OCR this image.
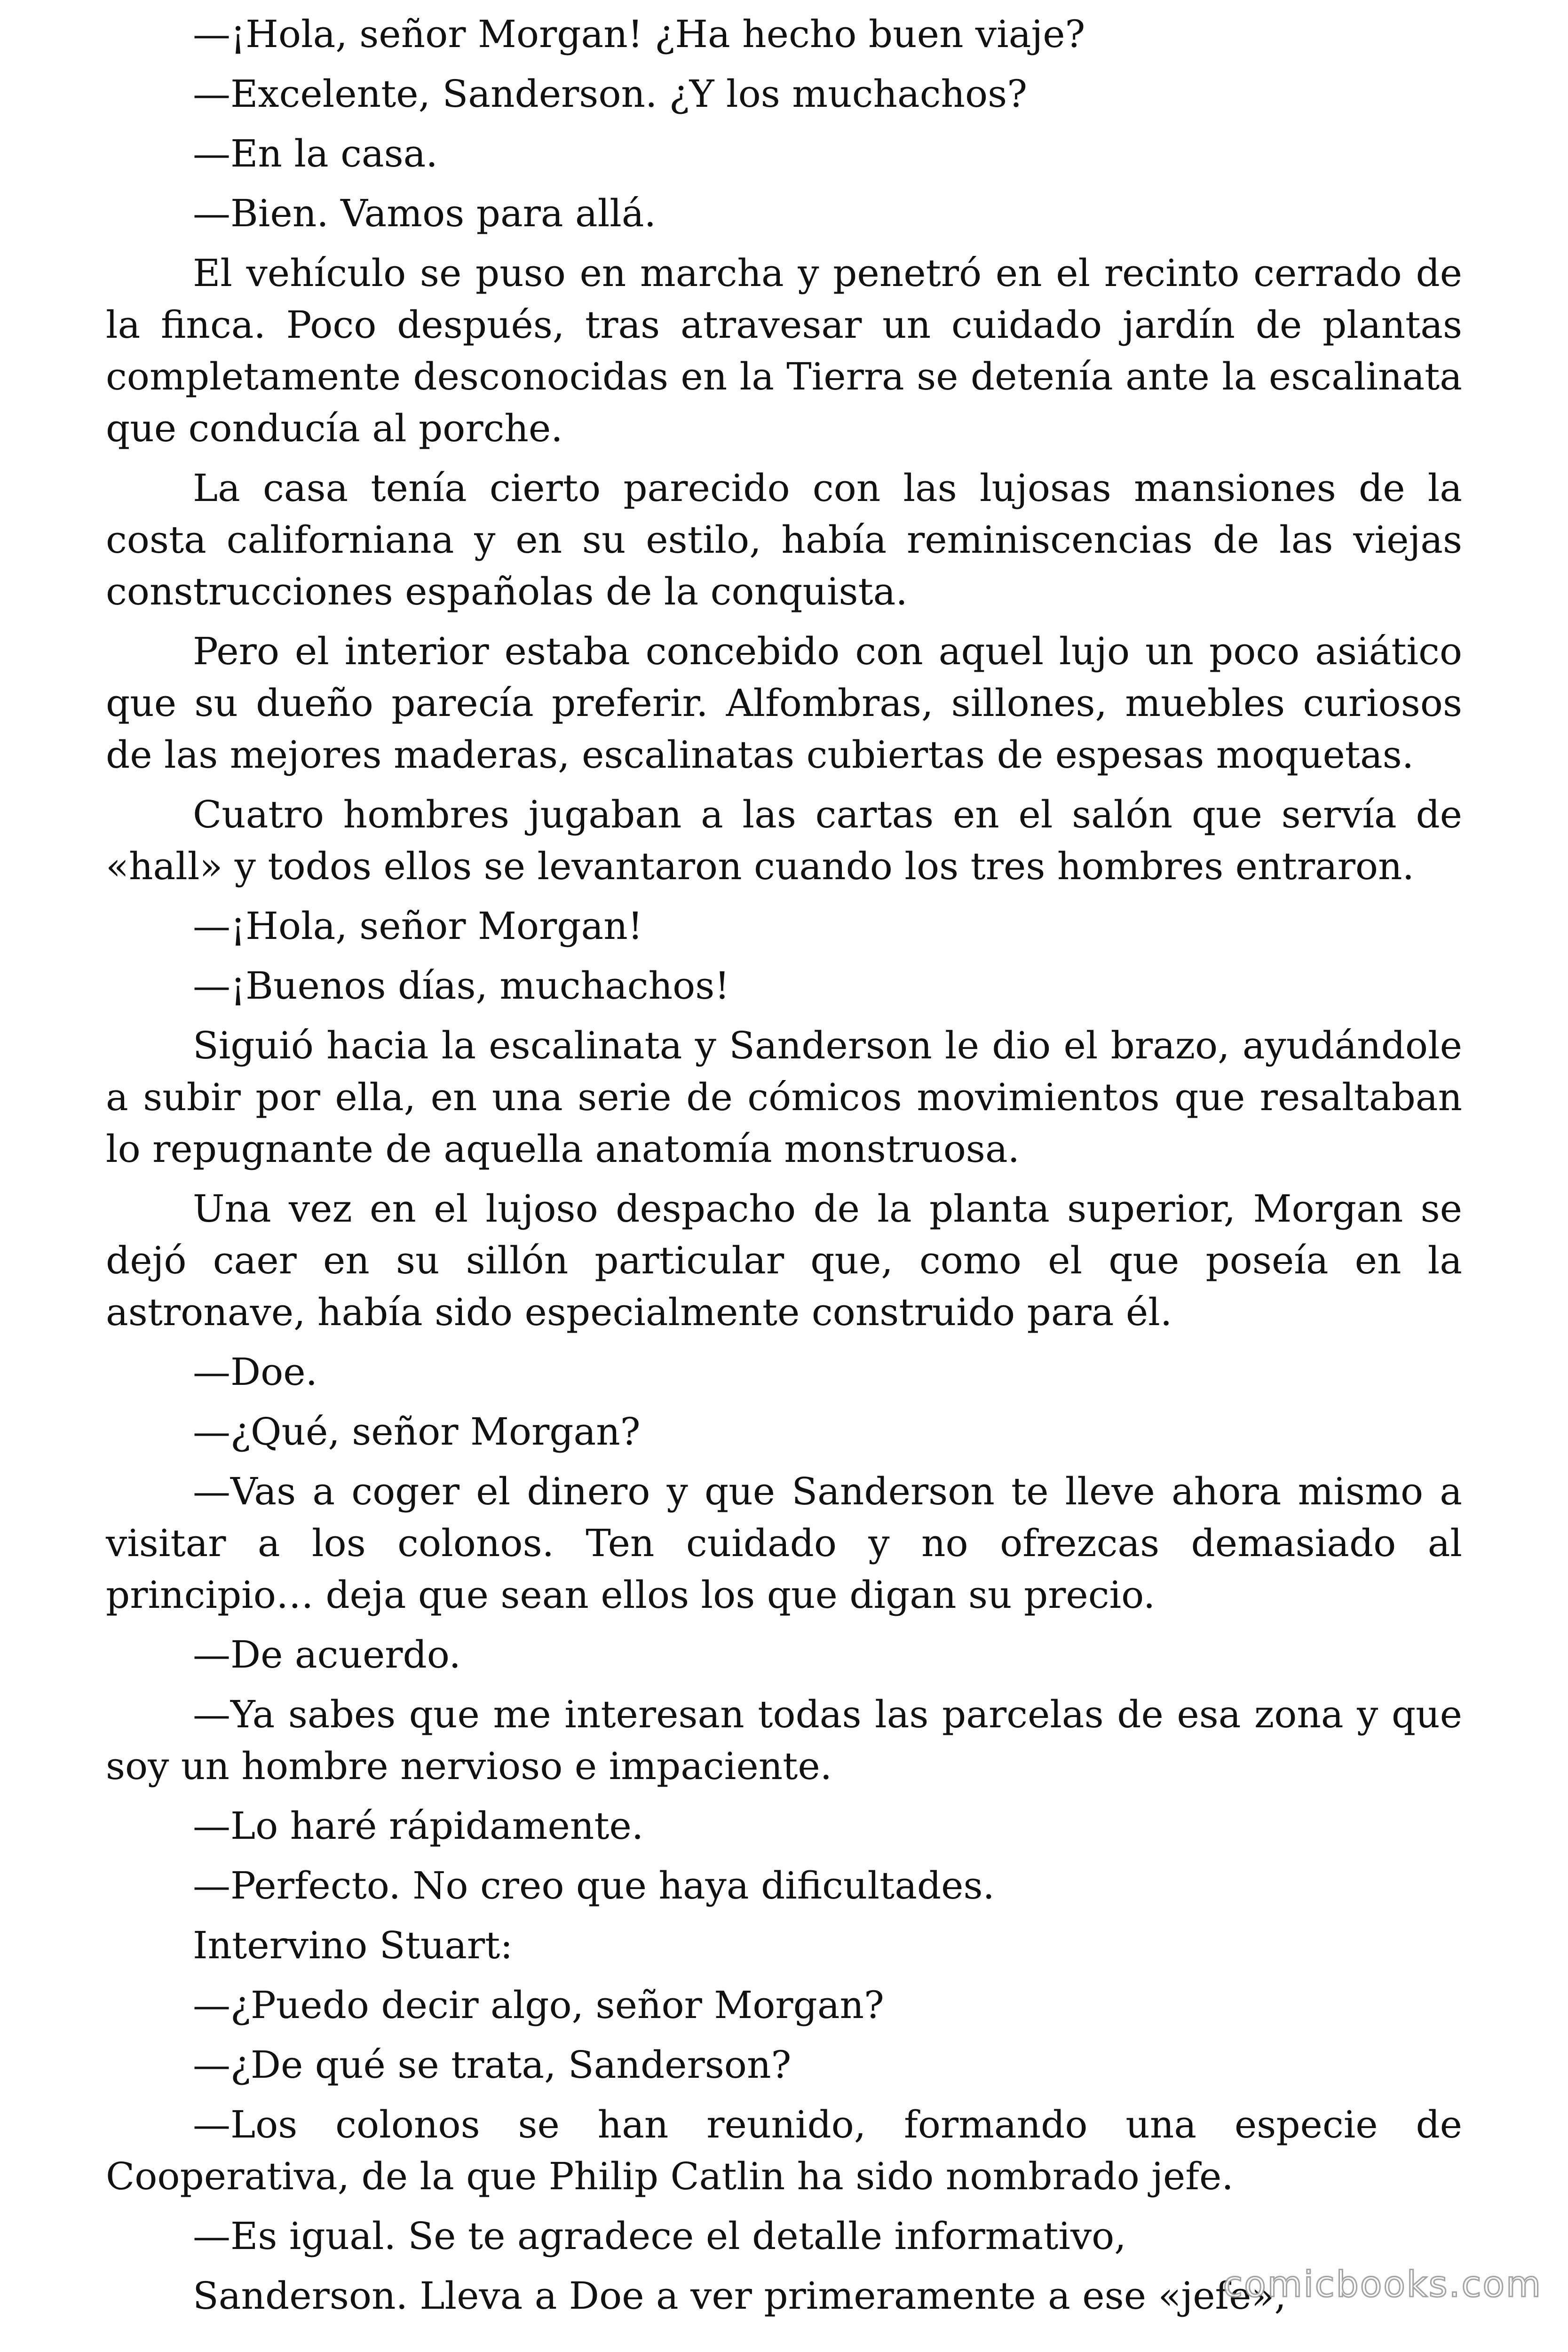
—¡Hola, señor Morgan! ¿Ha hecho buen viaje?

—Excelente, Sanderson. ¿Y los muchachos?

—En la casa.

—Bien. Vamos para allá.

El vehículo se puso en marcha y penetró en el recinto cerrado de la finca. Poco después, tras atravesar un cuidado jardín de plantas completamente desconocidas en la Tierra se detenía ante la escalinata que conducía al porche.

La casa tenía cierto parecido con las lujosas mansiones de la costa californiana y en su estilo, había reminiscencias de las viejas construcciones españolas de la conquista.

Pero el interior estaba concebido con aquel lujo un poco asiático que su dueño parecía preferir. Alfombras, sillones, muebles curiosos de las mejores maderas, escalinatas cubiertas de espesas moquetas.

Cuatro hombres jugaban a las cartas en el salón que servía de «hall» y todos ellos se levantaron cuando los tres hombres entraron.

—¡Hola, señor Morgan!

—¡Buenos días, muchachos!

Siguió hacia la escalinata y Sanderson le dio el brazo, ayudándole a subir por ella, en una serie de cómicos movimientos que resaltaban lo repugnante de aquella anatomía monstruosa.

Una vez en el lujoso despacho de la planta superior, Morgan se dejó caer en su sillón particular que, como el que poseía en la astronave, había sido especialmente construido para él.

—Doe.

—¿Qué, señor Morgan?

—Vas a coger el dinero y que Sanderson te lleve ahora mismo a visitar a los colonos. Ten cuidado y no ofrezcas demasiado al principio… deja que sean ellos los que digan su precio.

—De acuerdo.

—Ya sabes que me interesan todas las parcelas de esa zona y que soy un hombre nervioso e impaciente.

—Lo haré rápidamente.

—Perfecto. No creo que haya dificultades.

Intervino Stuart:

—¿Puedo decir algo, señor Morgan?

—¿De qué se trata, Sanderson?

—Los colonos se han reunido, formando una especie de Cooperativa, de la que Philip Catlin ha sido nombrado jefe.

—Es igual. Se te agradece el detalle informativo,

Sanderson. Lleva a Doe a ver primeramente a ese «jefe»,

comicbooks.com
